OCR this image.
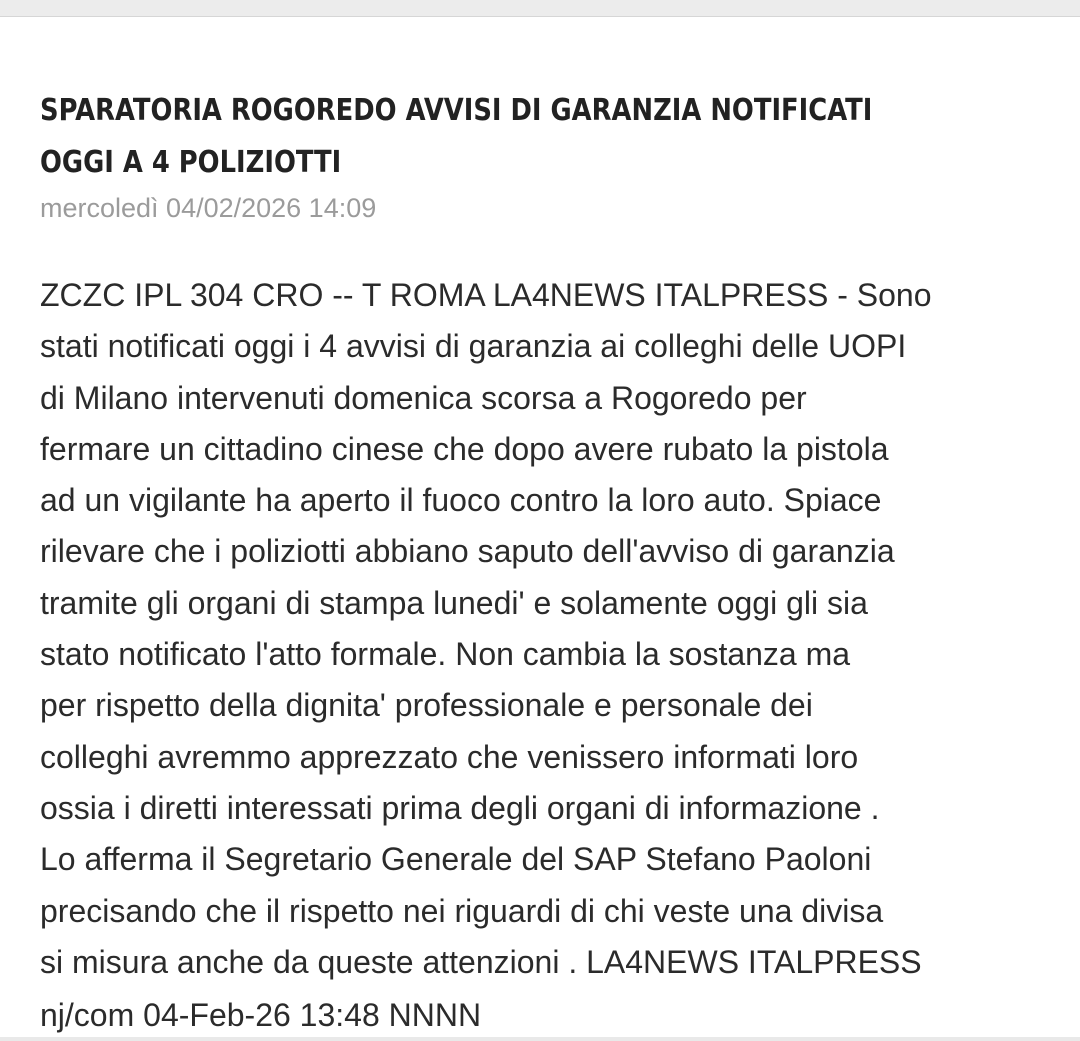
SPARATORIA ROGOREDO AVVISI DI GARANZIA NOTIFICATI
OGGI A 4 POLIZIOTTI

mercoledì 04/02/2026 14:09

ZCZC IPL 304 CRO -- T ROMA LA4NEWS ITALPRESS - Sono
stati notificati oggi i 4 avvisi di garanzia ai colleghi delle UOPI
di Milano intervenuti domenica scorsa a Rogoredo per
fermare un cittadino cinese che dopo avere rubato la pistola
ad un vigilante ha aperto il fuoco contro la loro auto. Spiace
rilevare che i poliziotti abbiano saputo dell'avviso di garanzia
tramite gli organi di stampa lunedi' e solamente oggi gli sia
stato notificato l'atto formale. Non cambia la sostanza ma
per rispetto della dignita' professionale e personale dei
colleghi avremmo apprezzato che venissero informati loro
ossia i diretti interessati prima degli organi di informazione .
Lo afferma il Segretario Generale del SAP Stefano Paoloni
precisando che il rispetto nei riguardi di chi veste una divisa
si misura anche da queste attenzioni . LA4NEWS ITALPRESS

nj/com 04-Feb-26 13:48 NNNN
